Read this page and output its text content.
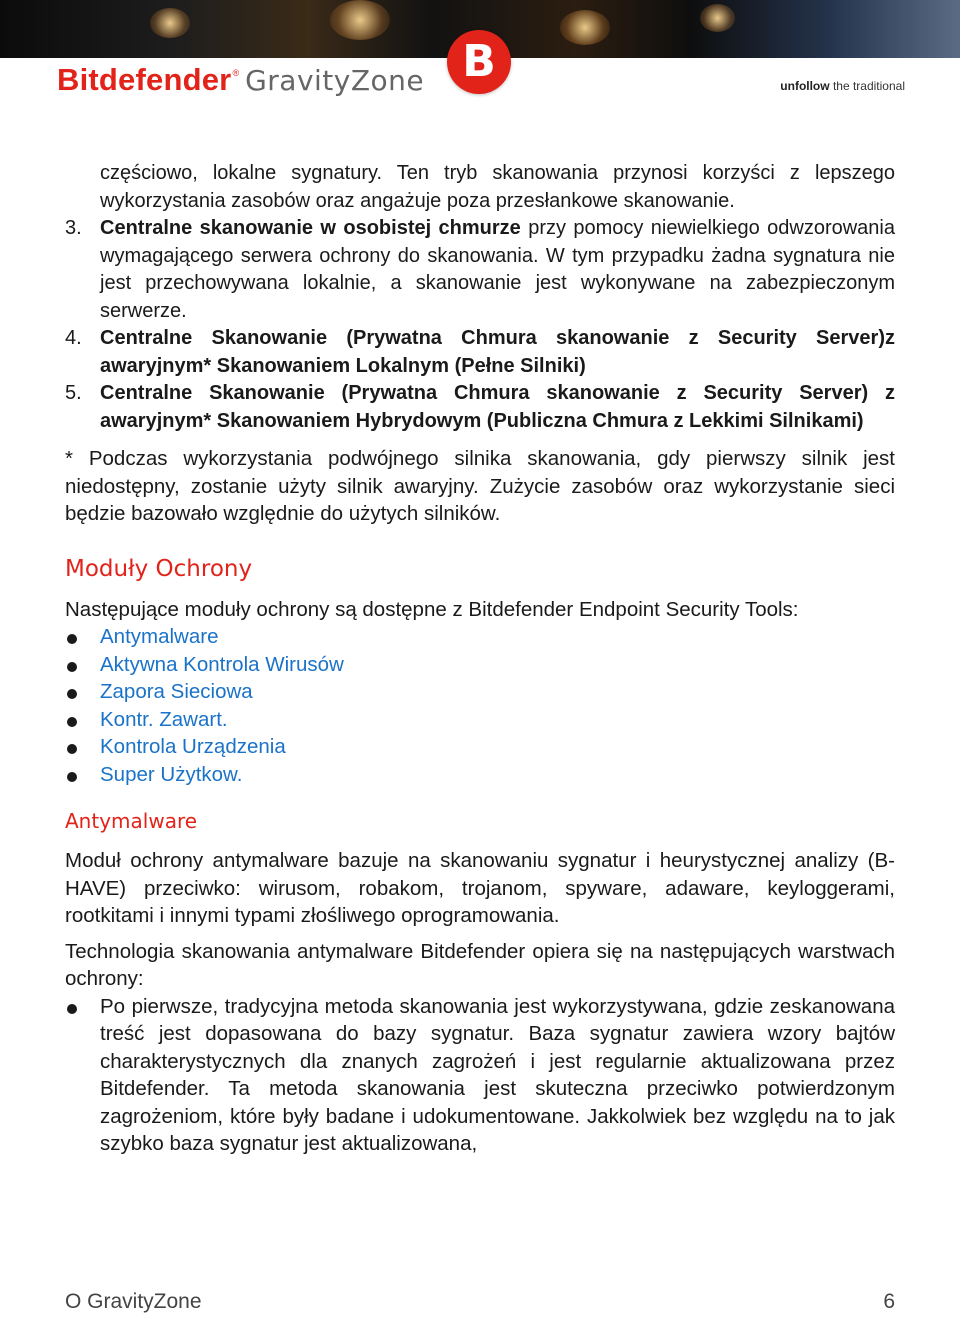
Bitdefender ® GravityZone B	unfollow the traditional

częściowo, lokalne sygnatury. Ten tryb skanowania przynosi korzyści z lepszego wykorzystania zasobów oraz angażuje poza przesłankowe skanowanie.

3. Centralne skanowanie w osobistej chmurze przy pomocy niewielkiego odwzorowania wymagającego serwera ochrony do skanowania. W tym przypadku żadna sygnatura nie jest przechowywana lokalnie, a skanowanie jest wykonywane na zabezpieczonym serwerze.
4. Centralne Skanowanie (Prywatna Chmura skanowanie z Security Server)z awaryjnym* Skanowaniem Lokalnym (Pełne Silniki)
5. Centralne Skanowanie (Prywatna Chmura skanowanie z Security Server) z awaryjnym* Skanowaniem Hybrydowym (Publiczna Chmura z Lekkimi Silnikami)

* Podczas wykorzystania podwójnego silnika skanowania, gdy pierwszy silnik jest niedostępny, zostanie użyty silnik awaryjny. Zużycie zasobów oraz wykorzystanie sieci będzie bazowało względnie do użytych silników.

Moduły Ochrony

Następujące moduły ochrony są dostępne z Bitdefender Endpoint Security Tools:

Antymalware
Aktywna Kontrola Wirusów
Zapora Sieciowa
Kontr. Zawart.
Kontrola Urządzenia
Super Użytkow.
Antymalware

Moduł ochrony antymalware bazuje na skanowaniu sygnatur i heurystycznej analizy (B-HAVE) przeciwko: wirusom, robakom, trojanom, spyware, adaware, keyloggerami, rootkitami i innymi typami złośliwego oprogramowania.

Technologia skanowania antymalware Bitdefender opiera się na następujących warstwach ochrony:

Po pierwsze, tradycyjna metoda skanowania jest wykorzystywana, gdzie zeskanowana treść jest dopasowana do bazy sygnatur. Baza sygnatur zawiera wzory bajtów charakterystycznych dla znanych zagrożeń i jest regularnie aktualizowana przez Bitdefender. Ta metoda skanowania jest skuteczna przeciwko potwierdzonym zagrożeniom, które były badane i udokumentowane. Jakkolwiek bez względu na to jak szybko baza sygnatur jest aktualizowana,
O GravityZone	6
